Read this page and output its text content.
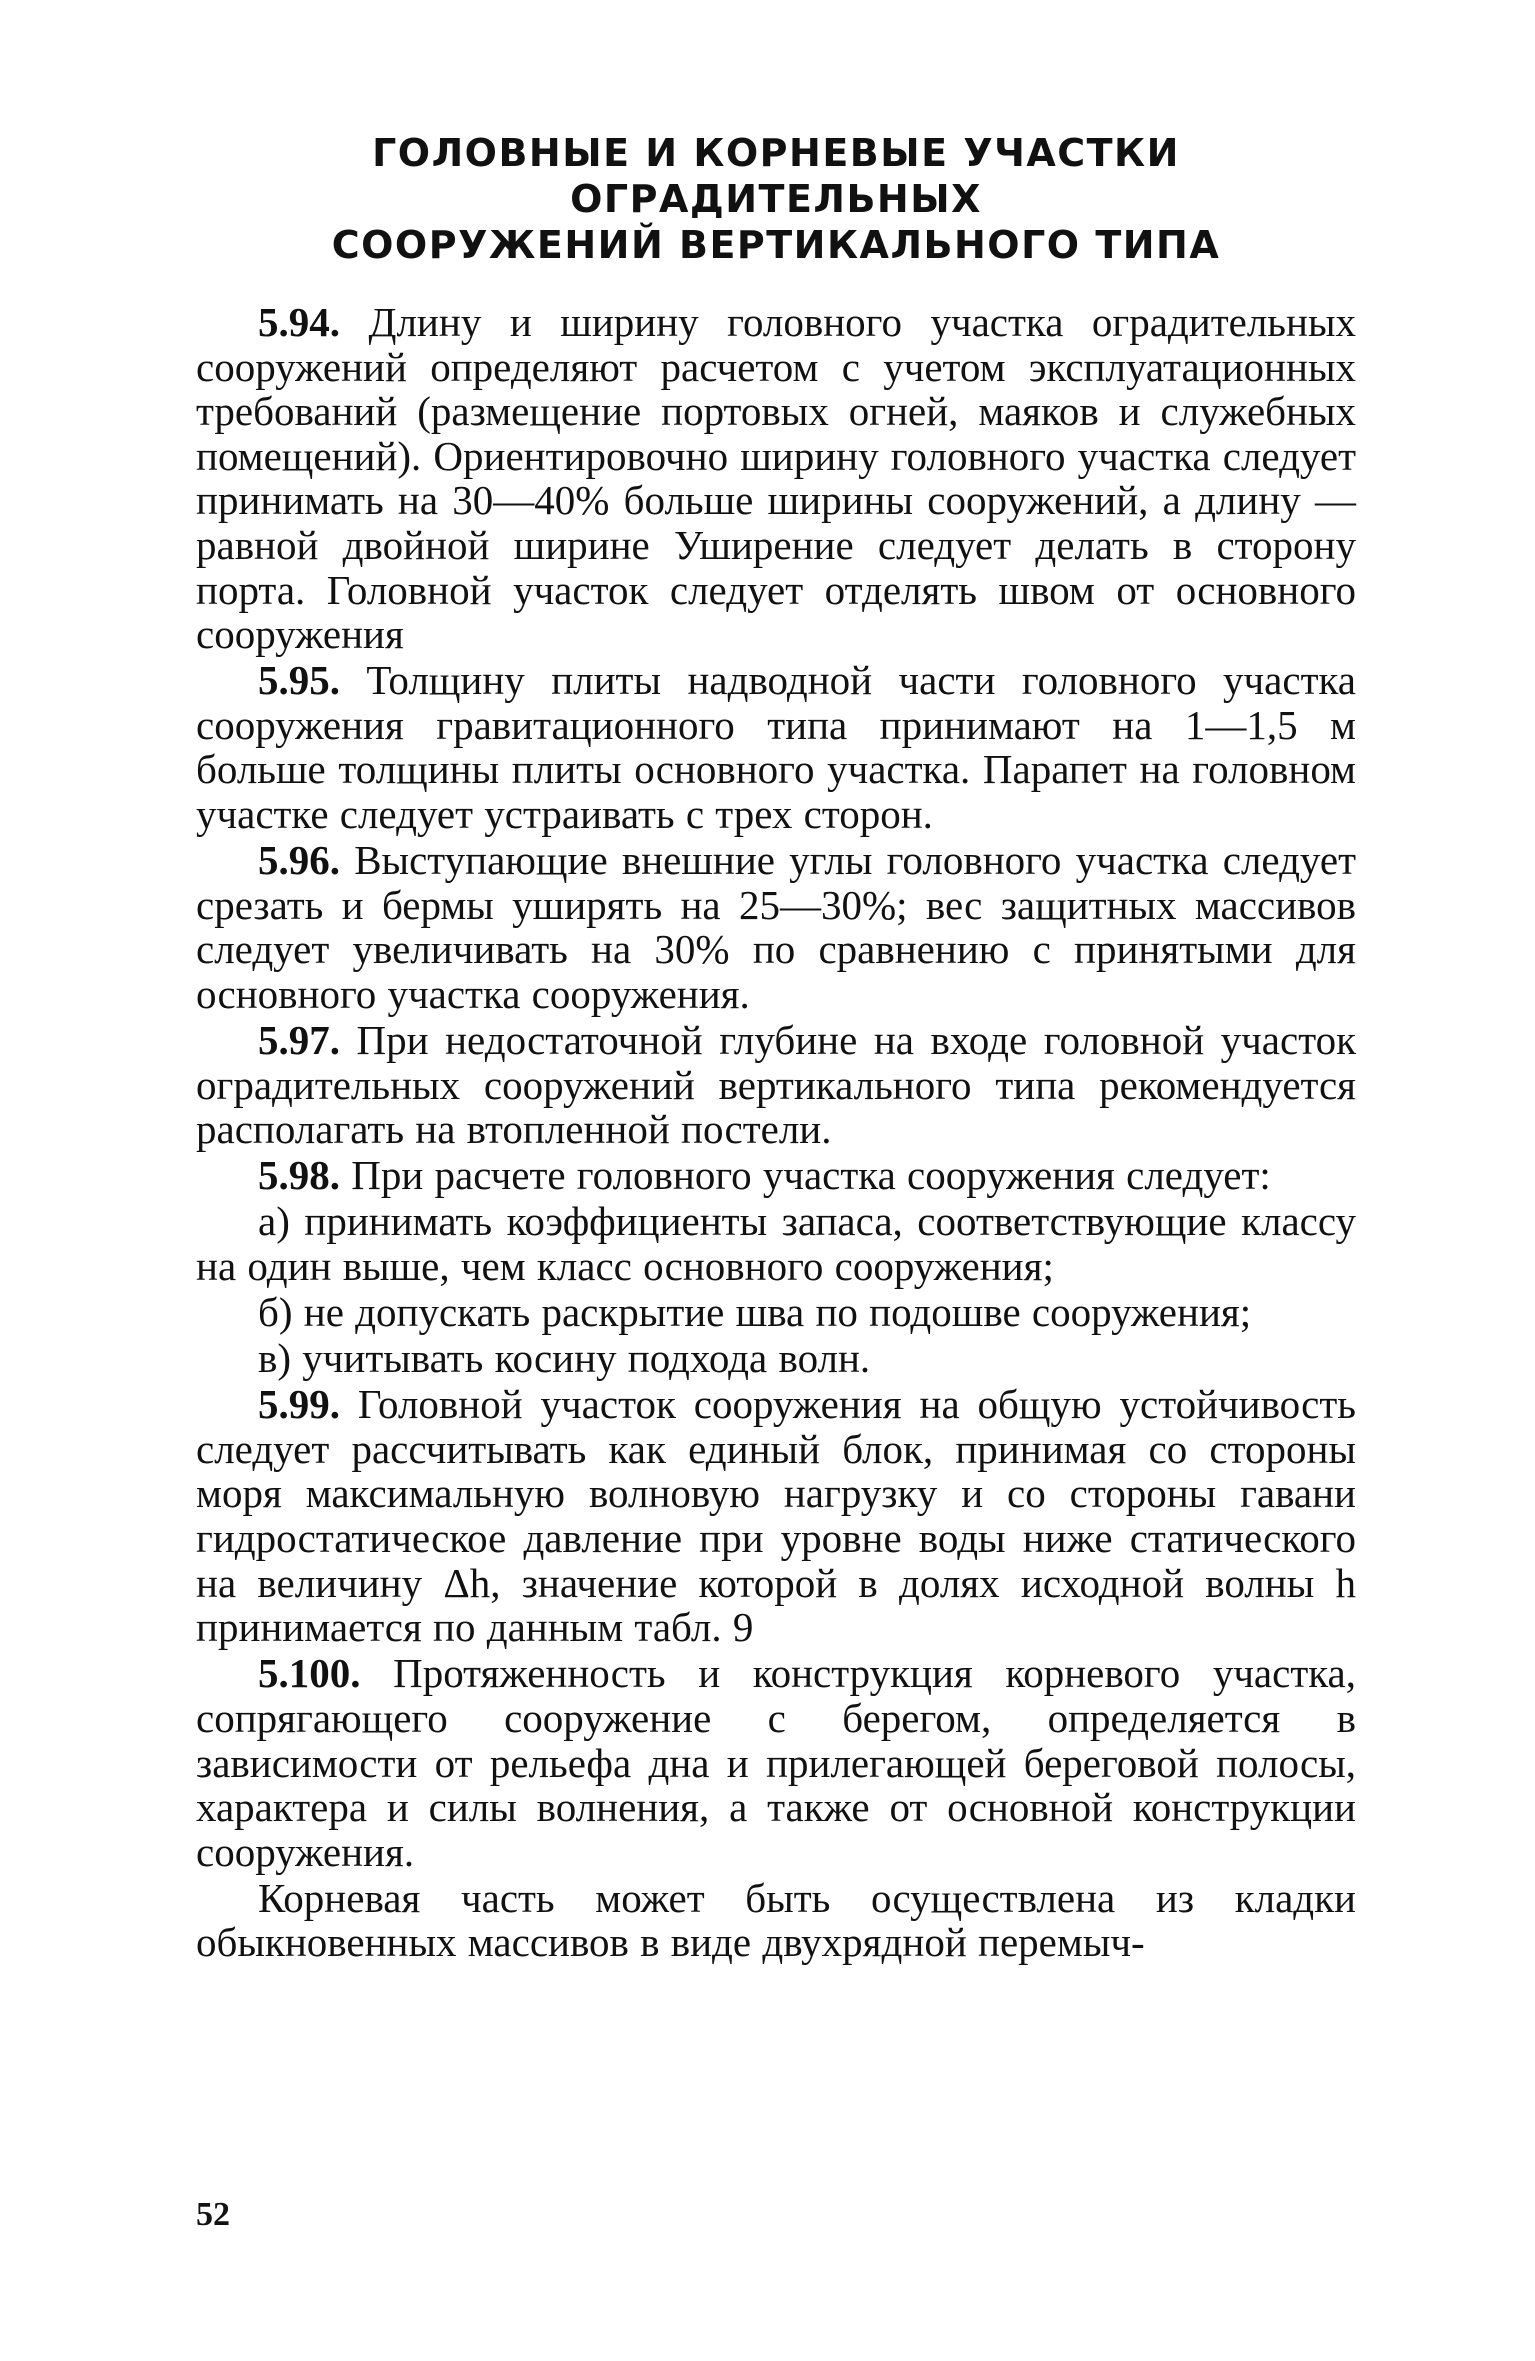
ГОЛОВНЫЕ И КОРНЕВЫЕ УЧАСТКИ ОГРАДИТЕЛЬНЫХ
СООРУЖЕНИЙ ВЕРТИКАЛЬНОГО ТИПА

5.94. Длину и ширину головного участка оградительных сооружений определяют расчетом с учетом эксплуатационных требований (размещение портовых огней, маяков и служебных помещений). Ориентировочно ширину головного участка следует принимать на 30—40% больше ширины сооружений, а длину — равной двойной ширине Уширение следует делать в сторону порта. Головной участок следует отделять швом от основного сооружения

5.95. Толщину плиты надводной части головного участка сооружения гравитационного типа принимают на 1—1,5 м больше толщины плиты основного участка. Парапет на головном участке следует устраивать с трех сторон.

5.96. Выступающие внешние углы головного участка следует срезать и бермы уширять на 25—30%; вес защитных массивов следует увеличивать на 30% по сравнению с принятыми для основного участка сооружения.

5.97. При недостаточной глубине на входе головной участок оградительных сооружений вертикального типа рекомендуется располагать на втопленной постели.

5.98. При расчете головного участка сооружения следует:

а) принимать коэффициенты запаса, соответствующие классу на один выше, чем класс основного сооружения;

б) не допускать раскрытие шва по подошве сооружения;

в) учитывать косину подхода волн.

5.99. Головной участок сооружения на общую устойчивость следует рассчитывать как единый блок, принимая со стороны моря максимальную волновую нагрузку и со стороны гавани гидростатическое давление при уровне воды ниже статического на величину Δh, значение которой в долях исходной волны h принимается по данным табл. 9

5.100. Протяженность и конструкция корневого участка, сопрягающего сооружение с берегом, определяется в зависимости от рельефа дна и прилегающей береговой полосы, характера и силы волнения, а также от основной конструкции сооружения.

Корневая часть может быть осуществлена из кладки обыкновенных массивов в виде двухрядной перемыч-

52
